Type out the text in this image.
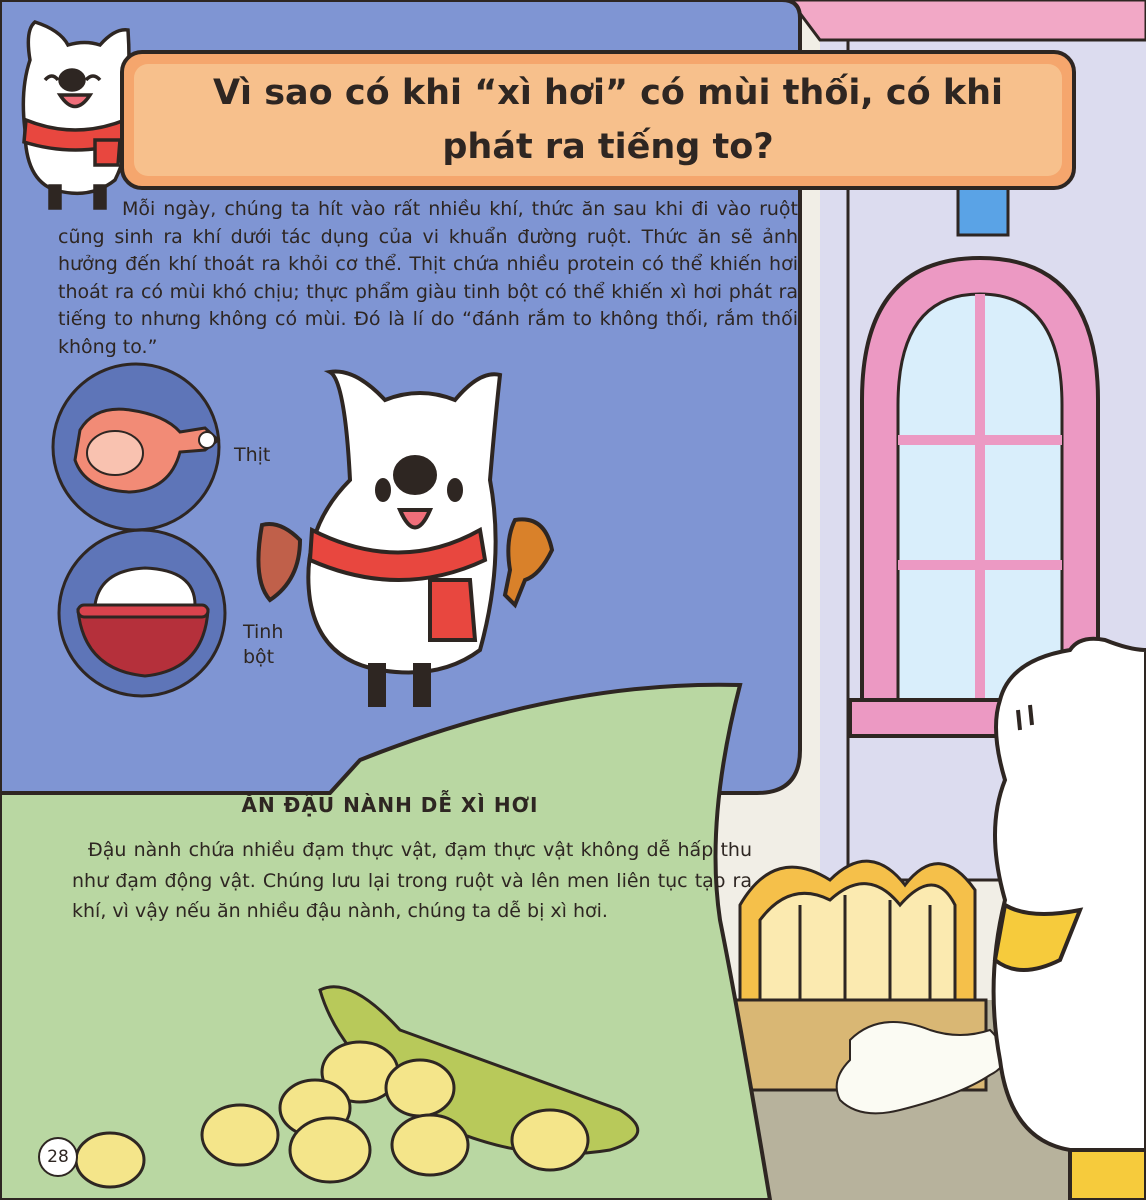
Vì sao có khi “xì hơi” có mùi thối, có khi phát ra tiếng to?

Mỗi ngày, chúng ta hít vào rất nhiều khí, thức ăn sau khi đi vào ruột cũng sinh ra khí dưới tác dụng của vi khuẩn đường ruột. Thức ăn sẽ ảnh hưởng đến khí thoát ra khỏi cơ thể. Thịt chứa nhiều protein có thể khiến hơi thoát ra có mùi khó chịu; thực phẩm giàu tinh bột có thể khiến xì hơi phát ra tiếng to nhưng không có mùi. Đó là lí do “đánh rắm to không thối, rắm thối không to.”

Thịt

Tinh bột

ĂN ĐẬU NÀNH DỄ XÌ HƠI

Đậu nành chứa nhiều đạm thực vật, đạm thực vật không dễ hấp thu như đạm động vật. Chúng lưu lại trong ruột và lên men liên tục tạo ra khí, vì vậy nếu ăn nhiều đậu nành, chúng ta dễ bị xì hơi.

28
